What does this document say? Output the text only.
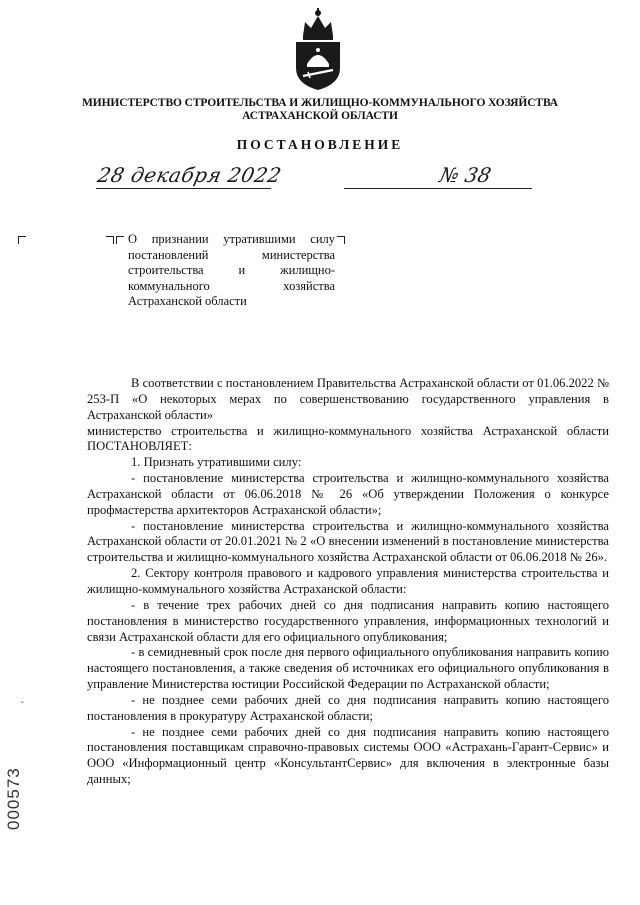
МИНИСТЕРСТВО СТРОИТЕЛЬСТВА И ЖИЛИЩНО-КОММУНАЛЬНОГО ХОЗЯЙСТВА
АСТРАХАНСКОЙ ОБЛАСТИ
ПОСТАНОВЛЕНИЕ
28 декабря 2022	№ 38

О признании утратившими силу постановлений министерства строительства и жилищно-коммунального хозяйства Астраханской области

В соответствии с постановлением Правительства Астраханской области от 01.06.2022 № 253-П «О некоторых мерах по совершенствованию государственного управления в Астраханской области»

министерство строительства и жилищно-коммунального хозяйства Астраханской области ПОСТАНОВЛЯЕТ:

1. Признать утратившими силу:

- постановление министерства строительства и жилищно-коммунального хозяйства Астраханской области от 06.06.2018 № 26 «Об утверждении Положения о конкурсе профмастерства архитекторов Астраханской области»;

- постановление министерства строительства и жилищно-коммунального хозяйства Астраханской области от 20.01.2021 № 2 «О внесении изменений в постановление министерства строительства и жилищно-коммунального хозяйства Астраханской области от 06.06.2018 № 26».

2. Сектору контроля правового и кадрового управления министерства строительства и жилищно-коммунального хозяйства Астраханской области:

- в течение трех рабочих дней со дня подписания направить копию настоящего постановления в министерство государственного управления, информационных технологий и связи Астраханской области для его официального опубликования;

- в семидневный срок после дня первого официального опубликования направить копию настоящего постановления, а также сведения об источниках его официального опубликования в управление Министерства юстиции Российской Федерации по Астраханской области;

- не позднее семи рабочих дней со дня подписания направить копию настоящего постановления в прокуратуру Астраханской области;

- не позднее семи рабочих дней со дня подписания направить копию настоящего постановления поставщикам справочно-правовых системы ООО «Астрахань-Гарант-Сервис» и ООО «Информационный центр «КонсультантСервис» для включения в электронные базы данных;

ˇ
000573
